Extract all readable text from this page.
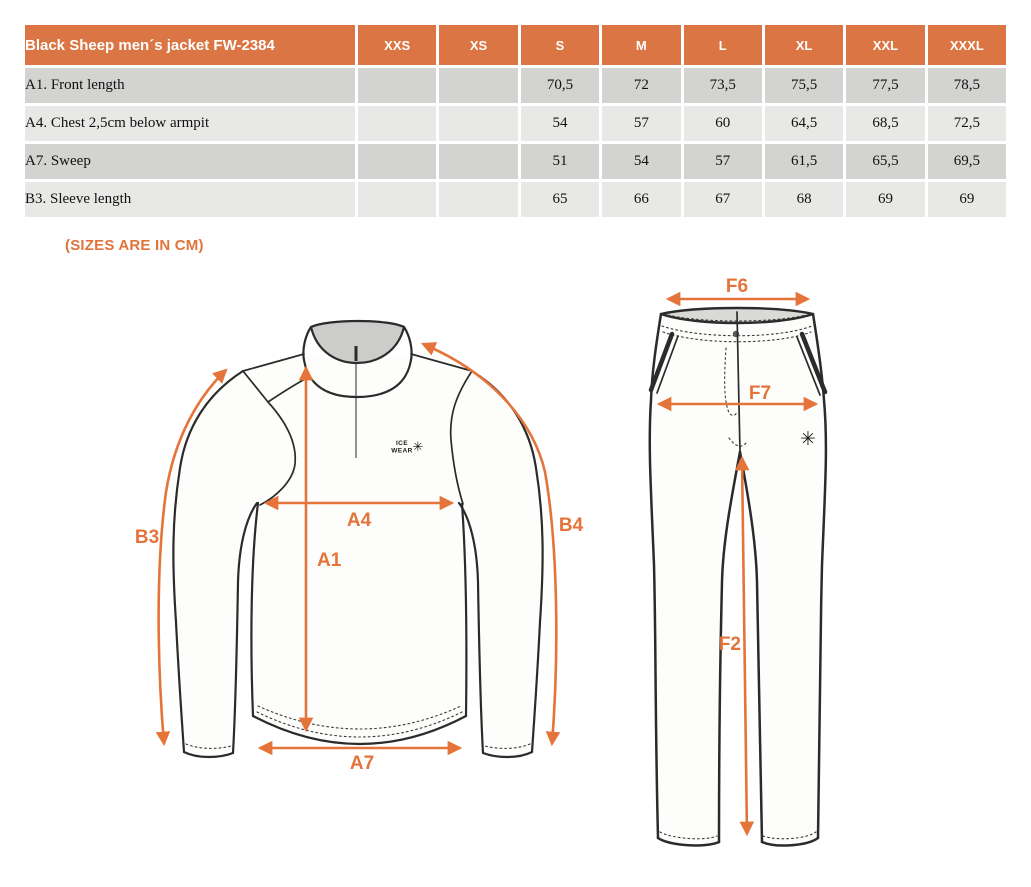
Black Sheep men´s jacket FW-2384	XXS	XS	S	M	L	XL	XXL	XXXL
A1. Front length			70,5	72	73,5	75,5	77,5	78,5
A4. Chest 2,5cm below armpit			54	57	60	64,5	68,5	72,5
A7. Sweep			51	54	57	61,5	65,5	69,5
B3. Sleeve length			65	66	67	68	69	69
(SIZES ARE IN CM)
ICE
WEAR ✳
B3
B4
A4
A1
A7
✳
F6
F7
F2
